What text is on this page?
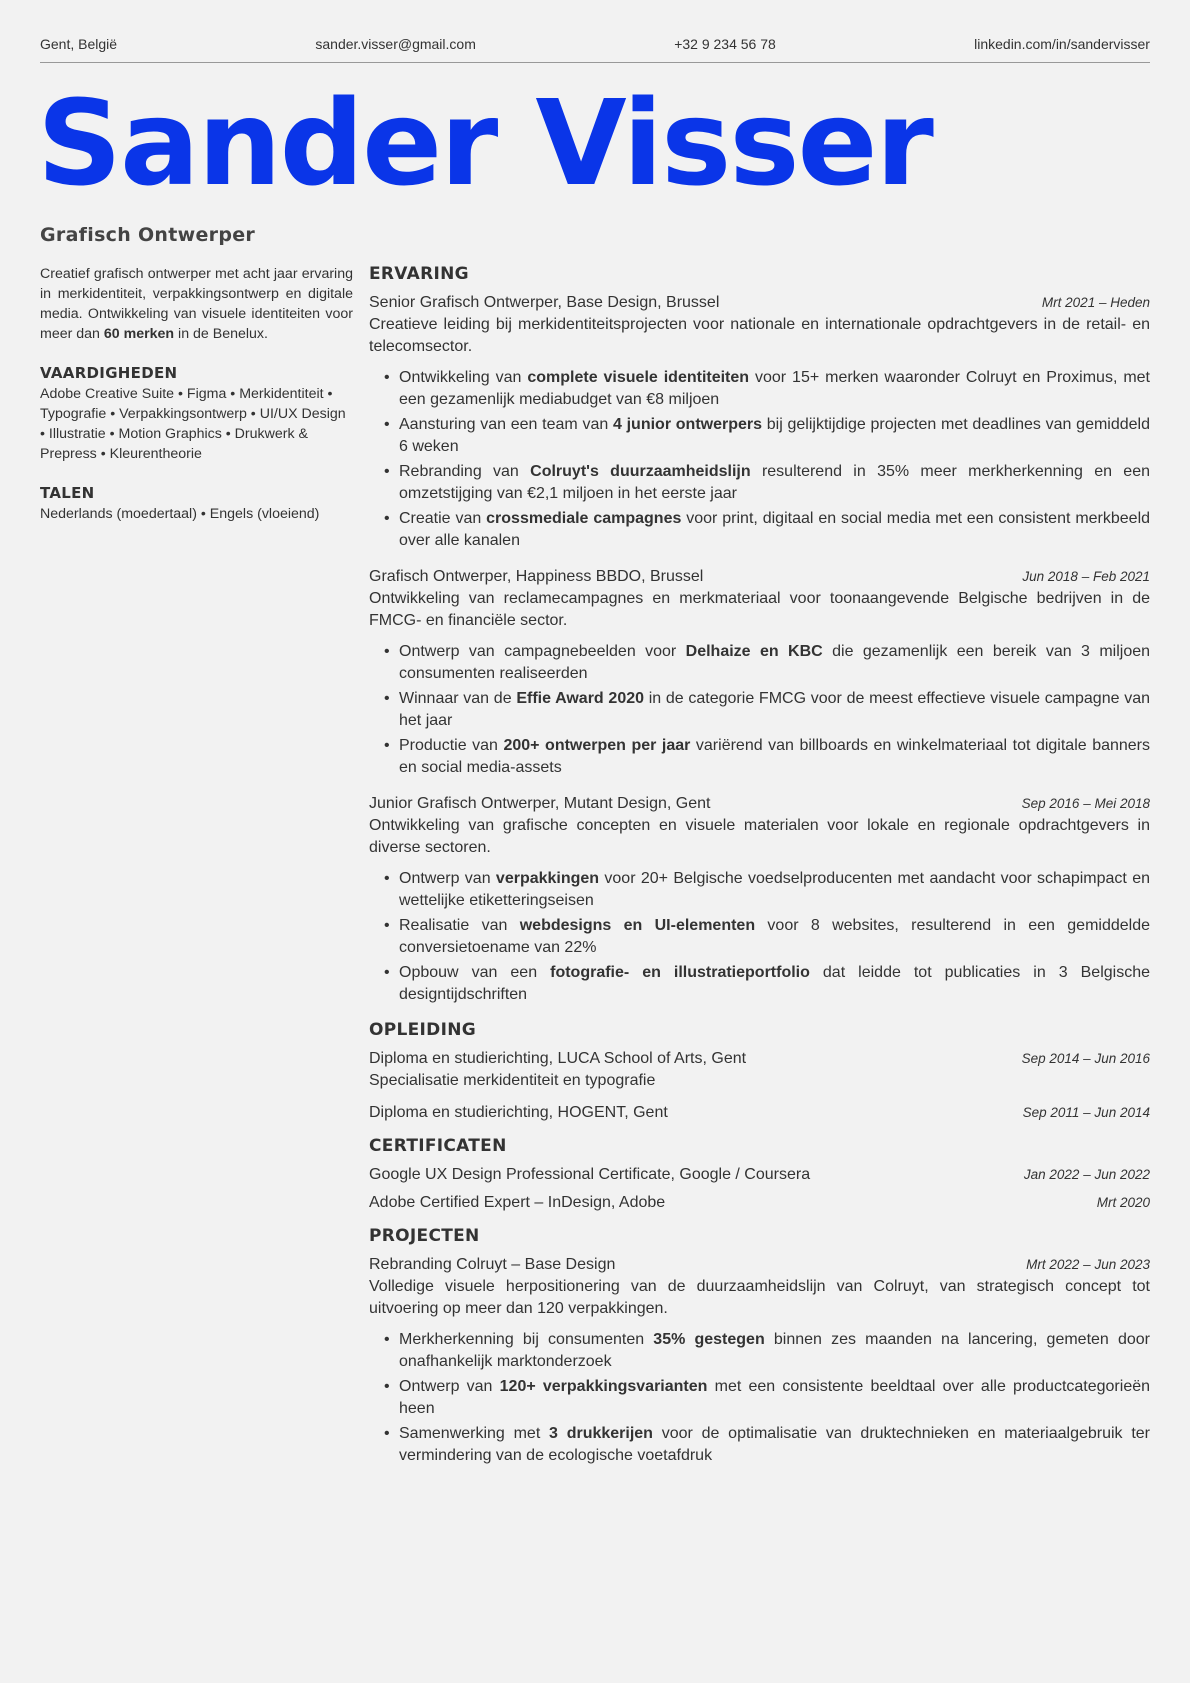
Gent, België	sander.visser@gmail.com	+32 9 234 56 78	linkedin.com/in/sandervisser
Sander Visser
Grafisch Ontwerper

Creatief grafisch ontwerper met acht jaar ervaring in merkidentiteit, verpakkingsontwerp en digitale media. Ontwikkeling van visuele identiteiten voor meer dan 60 merken in de Benelux.

VAARDIGHEDEN

Adobe Creative Suite • Figma • Merkidentiteit • Typografie • Verpakkingsontwerp • UI/UX Design • Illustratie • Motion Graphics • Drukwerk & Prepress • Kleurentheorie

TALEN

Nederlands (moedertaal) • Engels (vloeiend)

ERVARING
Senior Grafisch Ontwerper, Base Design, Brussel	Mrt 2021 – Heden

Creatieve leiding bij merkidentiteitsprojecten voor nationale en internationale opdrachtgevers in de retail- en telecomsector.

• Ontwikkeling van complete visuele identiteiten voor 15+ merken waaronder Colruyt en Proximus, met een gezamenlijk mediabudget van €8 miljoen
• Aansturing van een team van 4 junior ontwerpers bij gelijktijdige projecten met deadlines van gemiddeld 6 weken
• Rebranding van Colruyt's duurzaamheidslijn resulterend in 35% meer merkherkenning en een omzetstijging van €2,1 miljoen in het eerste jaar
• Creatie van crossmediale campagnes voor print, digitaal en social media met een consistent merkbeeld over alle kanalen
Grafisch Ontwerper, Happiness BBDO, Brussel	Jun 2018 – Feb 2021

Ontwikkeling van reclamecampagnes en merkmateriaal voor toonaangevende Belgische bedrijven in de FMCG- en financiële sector.

• Ontwerp van campagnebeelden voor Delhaize en KBC die gezamenlijk een bereik van 3 miljoen consumenten realiseerden
• Winnaar van de Effie Award 2020 in de categorie FMCG voor de meest effectieve visuele campagne van het jaar
• Productie van 200+ ontwerpen per jaar variërend van billboards en winkelmateriaal tot digitale banners en social media-assets
Junior Grafisch Ontwerper, Mutant Design, Gent	Sep 2016 – Mei 2018

Ontwikkeling van grafische concepten en visuele materialen voor lokale en regionale opdrachtgevers in diverse sectoren.

• Ontwerp van verpakkingen voor 20+ Belgische voedselproducenten met aandacht voor schapimpact en wettelijke etiketteringseisen
• Realisatie van webdesigns en UI-elementen voor 8 websites, resulterend in een gemiddelde conversietoename van 22%
• Opbouw van een fotografie- en illustratieportfolio dat leidde tot publicaties in 3 Belgische designtijdschriften
OPLEIDING
Diploma en studierichting, LUCA School of Arts, Gent	Sep 2014 – Jun 2016

Specialisatie merkidentiteit en typografie

Diploma en studierichting, HOGENT, Gent	Sep 2011 – Jun 2014
CERTIFICATEN
Google UX Design Professional Certificate, Google / Coursera	Jan 2022 – Jun 2022
Adobe Certified Expert – InDesign, Adobe	Mrt 2020
PROJECTEN
Rebranding Colruyt – Base Design	Mrt 2022 – Jun 2023

Volledige visuele herpositionering van de duurzaamheidslijn van Colruyt, van strategisch concept tot uitvoering op meer dan 120 verpakkingen.

• Merkherkenning bij consumenten 35% gestegen binnen zes maanden na lancering, gemeten door onafhankelijk marktonderzoek
• Ontwerp van 120+ verpakkingsvarianten met een consistente beeldtaal over alle productcategorieën heen
• Samenwerking met 3 drukkerijen voor de optimalisatie van druktechnieken en materiaalgebruik ter vermindering van de ecologische voetafdruk
